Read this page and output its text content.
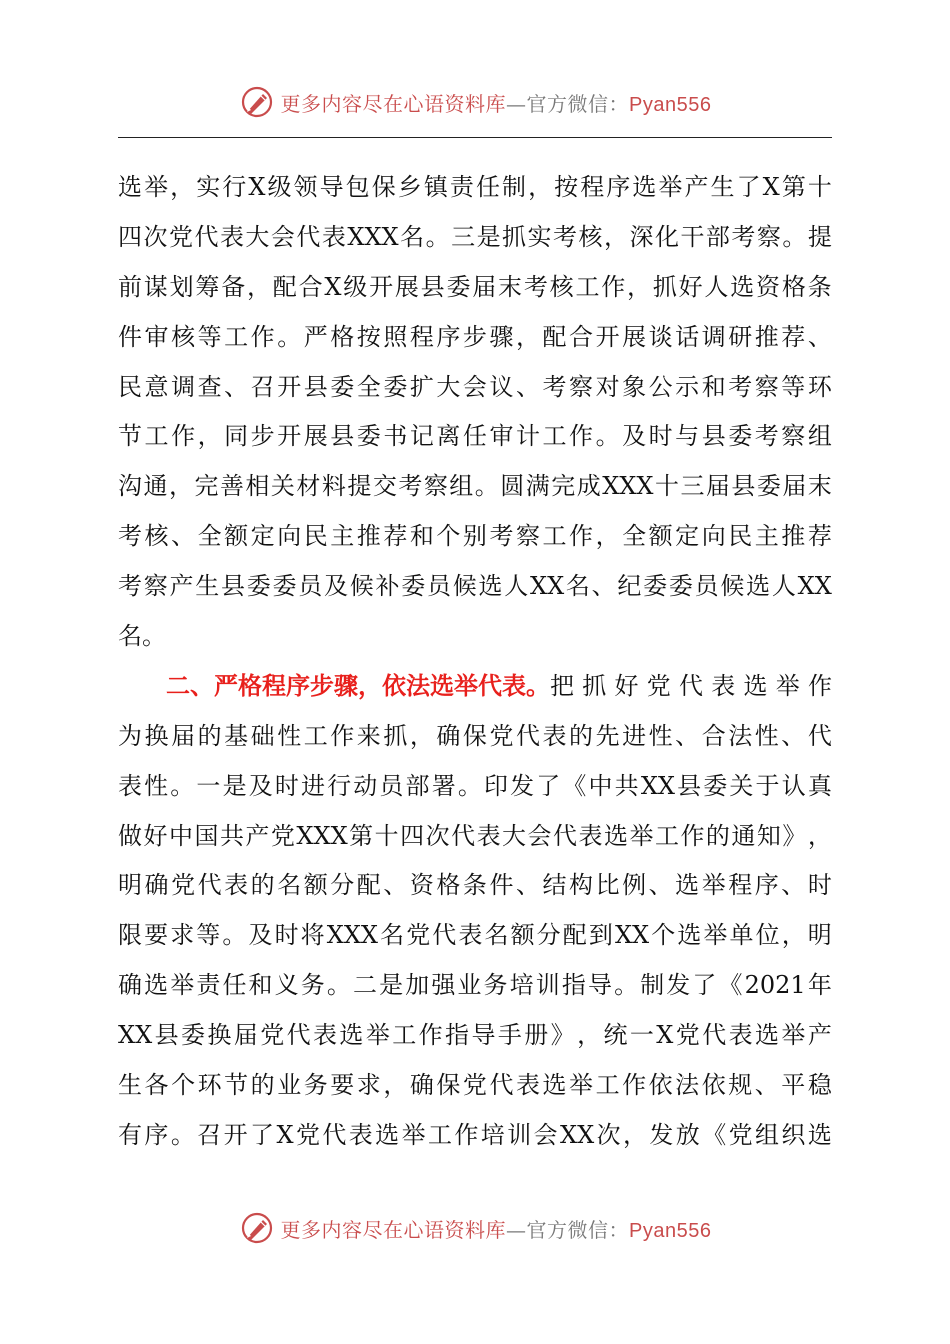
更多内容尽在心语资料库—官方微信：Pyan556
选 举 ， 实 行 X 级 领 导 包 保 乡 镇 责 任 制 ， 按 程 序 选 举 产 生 了 X 第 十
四 次 党 代 表 大 会 代 表 XXX 名 。 三 是 抓 实 考 核 ， 深 化 干 部 考 察 。 提
前 谋 划 筹 备 ， 配 合 X 级 开 展 县 委 届 末 考 核 工 作 ， 抓 好 人 选 资 格 条
件 审 核 等 工 作 。 严 格 按 照 程 序 步 骤 ， 配 合 开 展 谈 话 调 研 推 荐 、
民 意 调 查 、 召 开 县 委 全 委 扩 大 会 议 、 考 察 对 象 公 示 和 考 察 等 环
节 工 作 ， 同 步 开 展 县 委 书 记 离 任 审 计 工 作 。 及 时 与 县 委 考 察 组
沟 通 ， 完 善 相 关 材 料 提 交 考 察 组 。 圆 满 完 成 XXX 十 三 届 县 委 届 末
考 核 、 全 额 定 向 民 主 推 荐 和 个 别 考 察 工 作 ， 全 额 定 向 民 主 推 荐
考 察 产 生 县 委 委 员 及 候 补 委 员 候 选 人 XX 名 、 纪 委 委 员 候 选 人 XX
名。
二、严格程序步骤，依法选举代表。 把 抓 好 党 代 表 选 举 作
为 换 届 的 基 础 性 工 作 来 抓 ， 确 保 党 代 表 的 先 进 性 、 合 法 性 、 代
表 性 。 一 是 及 时 进 行 动 员 部 署 。 印 发 了 《 中 共 XX 县 委 关 于 认 真
做 好 中 国 共 产 党 XXX 第 十 四 次 代 表 大 会 代 表 选 举 工 作 的 通 知 》 ，
明 确 党 代 表 的 名 额 分 配 、 资 格 条 件 、 结 构 比 例 、 选 举 程 序 、 时
限 要 求 等 。 及 时 将 XXX 名 党 代 表 名 额 分 配 到 XX 个 选 举 单 位 ， 明
确 选 举 责 任 和 义 务 。 二 是 加 强 业 务 培 训 指 导 。 制 发 了 《 2021 年
XX 县 委 换 届 党 代 表 选 举 工 作 指 导 手 册 》 ， 统 一 X 党 代 表 选 举 产
生 各 个 环 节 的 业 务 要 求 ， 确 保 党 代 表 选 举 工 作 依 法 依 规 、 平 稳
有 序 。 召 开 了 X 党 代 表 选 举 工 作 培 训 会 XX 次 ， 发 放 《 党 组 织 选
更多内容尽在心语资料库—官方微信：Pyan556
